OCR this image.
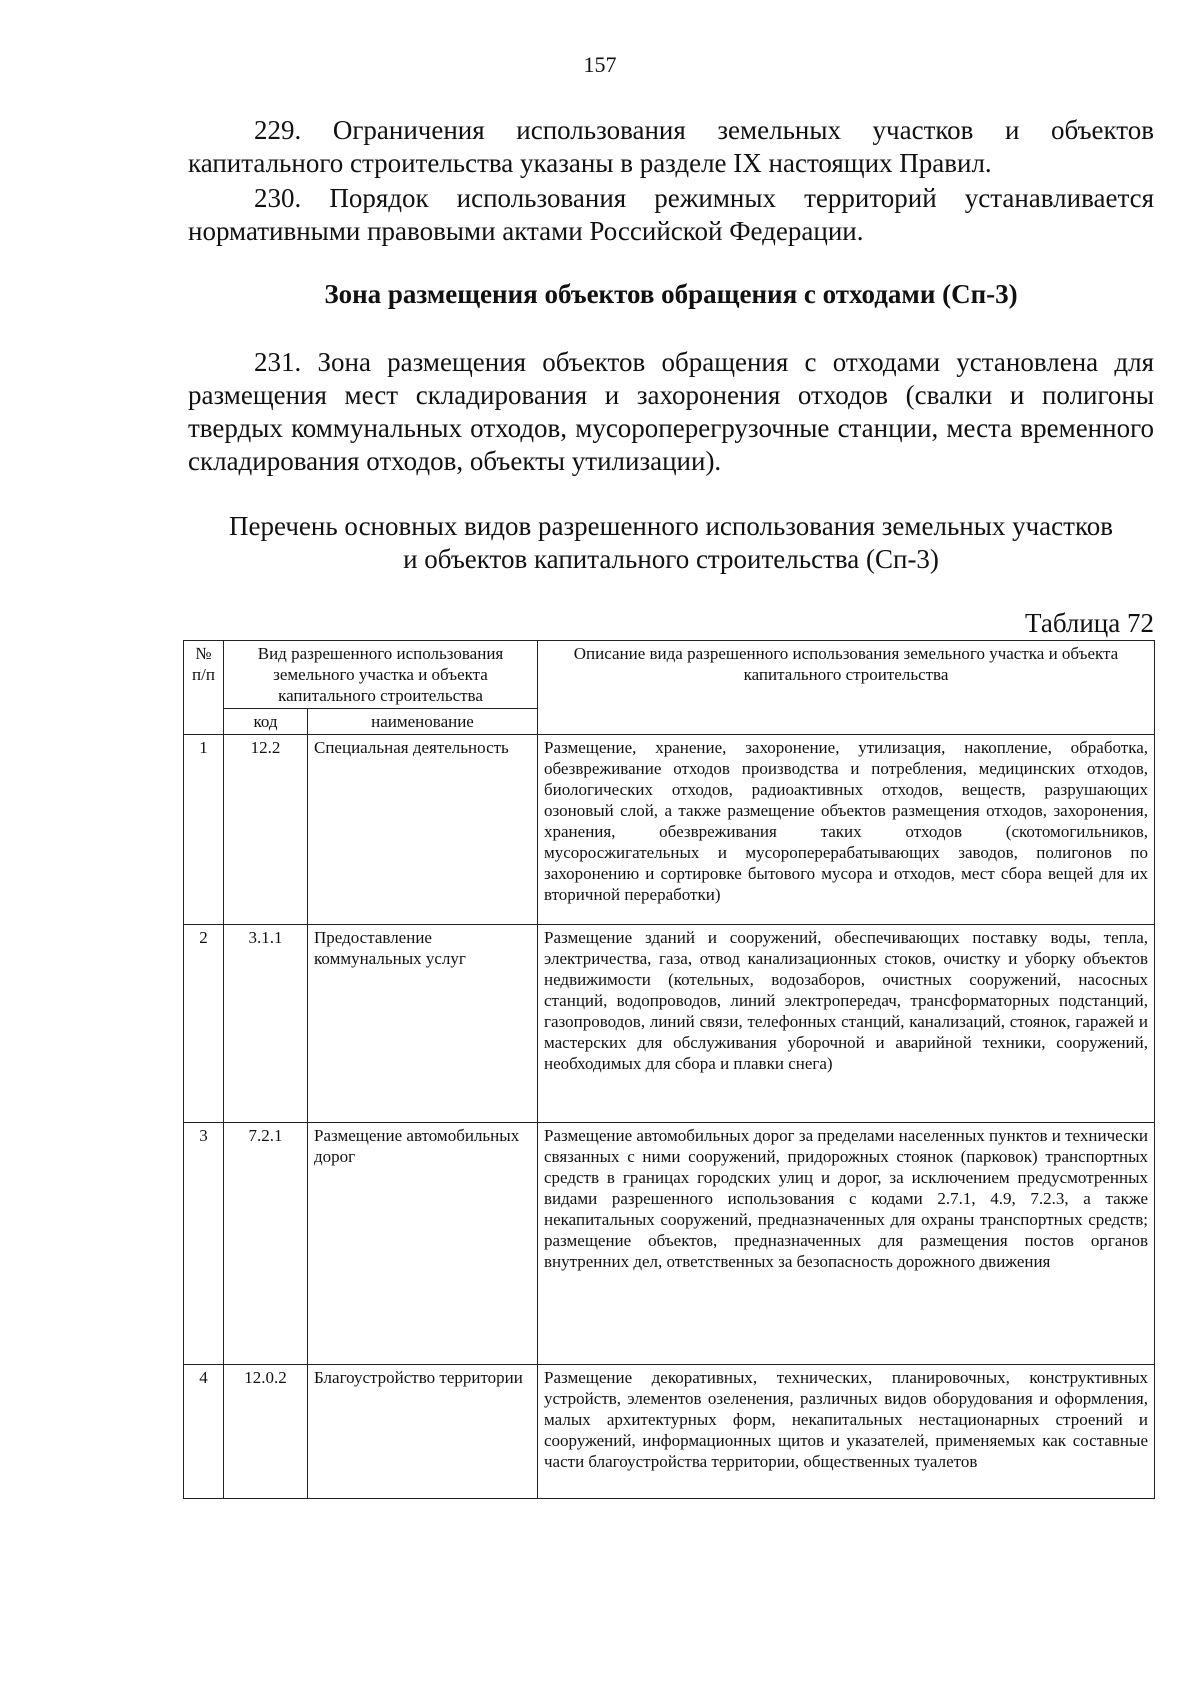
157

229. Ограничения использования земельных участков и объектов капитального строительства указаны в разделе IX настоящих Правил.

230. Порядок использования режимных территорий устанавливается нормативными правовыми актами Российской Федерации.

Зона размещения объектов обращения с отходами (Сп-3)

231. Зона размещения объектов обращения с отходами установлена для размещения мест складирования и захоронения отходов (свалки и полигоны твердых коммунальных отходов, мусороперегрузочные станции, места временного складирования отходов, объекты утилизации).

Перечень основных видов разрешенного использования земельных участков
и объектов капитального строительства (Сп-3)
Таблица 72
№ п/п	Вид разрешенного использования земельного участка и объекта капитального строительства		Описание вида разрешенного использования земельного участка и объекта капитального строительства
	код	наименование	
1	12.2	Специальная деятельность	Размещение, хранение, захоронение, утилизация, накопление, обработка, обезвреживание отходов производства и потребления, медицинских отходов, биологических отходов, радиоактивных отходов, веществ, разрушающих озоновый слой, а также размещение объектов размещения отходов, захоронения, хранения, обезвреживания таких отходов (скотомогильников, мусоросжигательных и мусороперерабатывающих заводов, полигонов по захоронению и сортировке бытового мусора и отходов, мест сбора вещей для их вторичной переработки)
2	3.1.1	Предоставление коммунальных услуг	Размещение зданий и сооружений, обеспечивающих поставку воды, тепла, электричества, газа, отвод канализационных стоков, очистку и уборку объектов недвижимости (котельных, водозаборов, очистных сооружений, насосных станций, водопроводов, линий электропередач, трансформаторных подстанций, газопроводов, линий связи, телефонных станций, канализаций, стоянок, гаражей и мастерских для обслуживания уборочной и аварийной техники, сооружений, необходимых для сбора и плавки снега)
3	7.2.1	Размещение автомобильных дорог	Размещение автомобильных дорог за пределами населенных пунктов и технически связанных с ними сооружений, придорожных стоянок (парковок) транспортных средств в границах городских улиц и дорог, за исключением предусмотренных видами разрешенного использования с кодами 2.7.1, 4.9, 7.2.3, а также некапитальных сооружений, предназначенных для охраны транспортных средств; размещение объектов, предназначенных для размещения постов органов внутренних дел, ответственных за безопасность дорожного движения
4	12.0.2	Благоустройство территории	Размещение декоративных, технических, планировочных, конструктивных устройств, элементов озеленения, различных видов оборудования и оформления, малых архитектурных форм, некапитальных нестационарных строений и сооружений, информационных щитов и указателей, применяемых как составные части благоустройства территории, общественных туалетов
